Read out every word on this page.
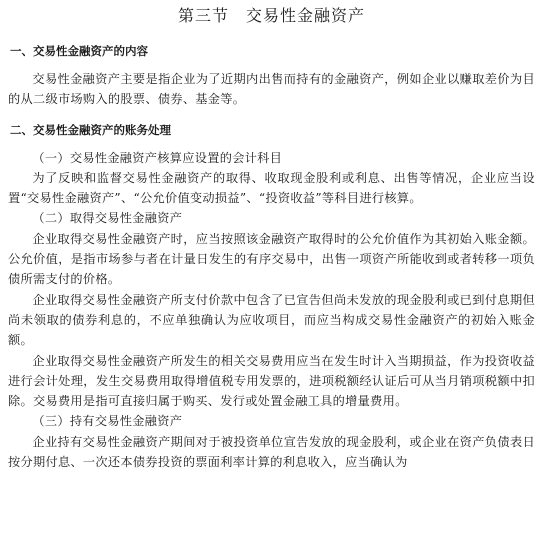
第三节　交易性金融资产
一、交易性金融资产的内容

交易性金融资产主要是指企业为了近期内出售而持有的金融资产，例如企业以赚取差价为目的从二级市场购入的股票、债券、基金等。

二、交易性金融资产的账务处理
（一）交易性金融资产核算应设置的会计科目

为了反映和监督交易性金融资产的取得、收取现金股利或利息、出售等情况，企业应当设置“交易性金融资产”、“公允价值变动损益”、“投资收益”等科目进行核算。

（二）取得交易性金融资产

企业取得交易性金融资产时，应当按照该金融资产取得时的公允价值作为其初始入账金额。公允价值，是指市场参与者在计量日发生的有序交易中，出售一项资产所能收到或者转移一项负债所需支付的价格。

企业取得交易性金融资产所支付价款中包含了已宣告但尚未发放的现金股利或已到付息期但尚未领取的债券利息的，不应单独确认为应收项目，而应当构成交易性金融资产的初始入账金额。

企业取得交易性金融资产所发生的相关交易费用应当在发生时计入当期损益，作为投资收益进行会计处理，发生交易费用取得增值税专用发票的，进项税额经认证后可从当月销项税额中扣除。交易费用是指可直接归属于购买、发行或处置金融工具的增量费用。

（三）持有交易性金融资产

企业持有交易性金融资产期间对于被投资单位宣告发放的现金股利，或企业在资产负债表日按分期付息、一次还本债券投资的票面利率计算的利息收入，应当确认为
